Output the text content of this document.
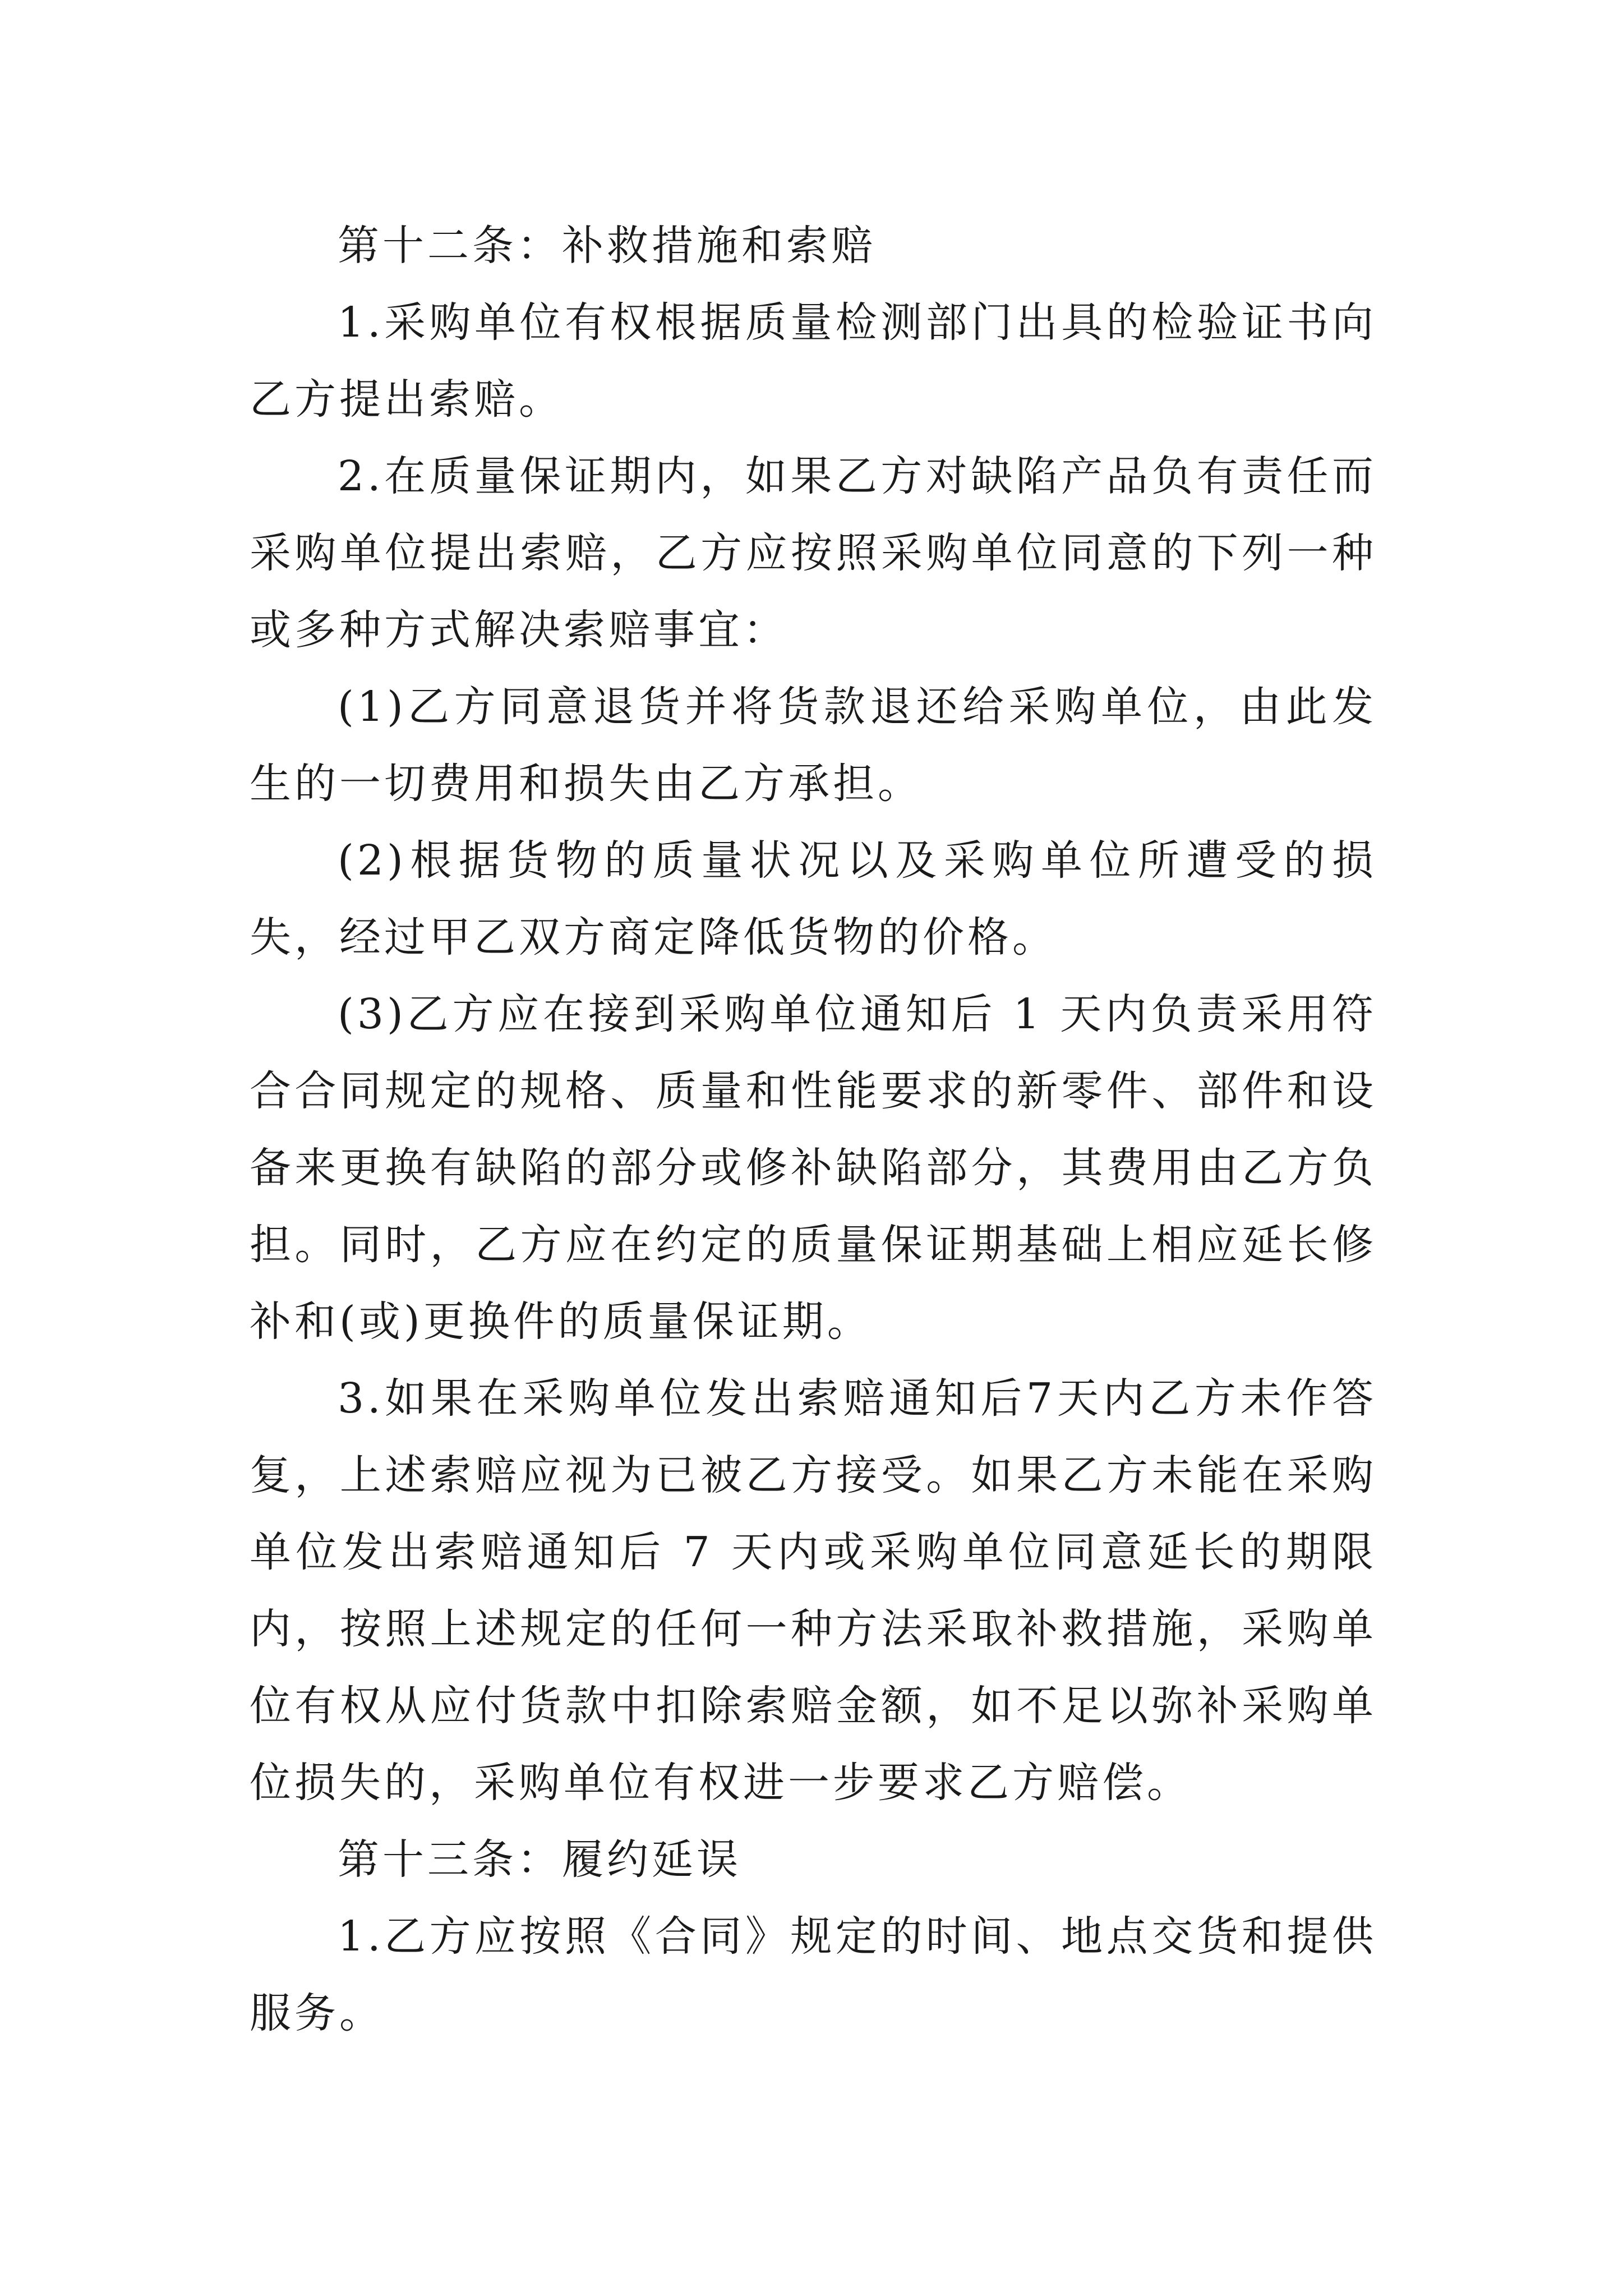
第十二条：补救措施和索赔

1.采购单位有权根据质量检测部门出具的检验证书向乙方提出索赔。

2.在质量保证期内，如果乙方对缺陷产品负有责任而采购单位提出索赔，乙方应按照采购单位同意的下列一种或多种方式解决索赔事宜：

(1)乙方同意退货并将货款退还给采购单位，由此发生的一切费用和损失由乙方承担。

(2)根据货物的质量状况以及采购单位所遭受的损失，经过甲乙双方商定降低货物的价格。

(3)乙方应在接到采购单位通知后 1 天内负责采用符合合同规定的规格、质量和性能要求的新零件、部件和设备来更换有缺陷的部分或修补缺陷部分，其费用由乙方负担。同时，乙方应在约定的质量保证期基础上相应延长修补和(或)更换件的质量保证期。

3.如果在采购单位发出索赔通知后7天内乙方未作答复，上述索赔应视为已被乙方接受。如果乙方未能在采购单位发出索赔通知后 7 天内或采购单位同意延长的期限内，按照上述规定的任何一种方法采取补救措施，采购单位有权从应付货款中扣除索赔金额，如不足以弥补采购单位损失的，采购单位有权进一步要求乙方赔偿。

第十三条：履约延误

1.乙方应按照《合同》规定的时间、地点交货和提供服务。
